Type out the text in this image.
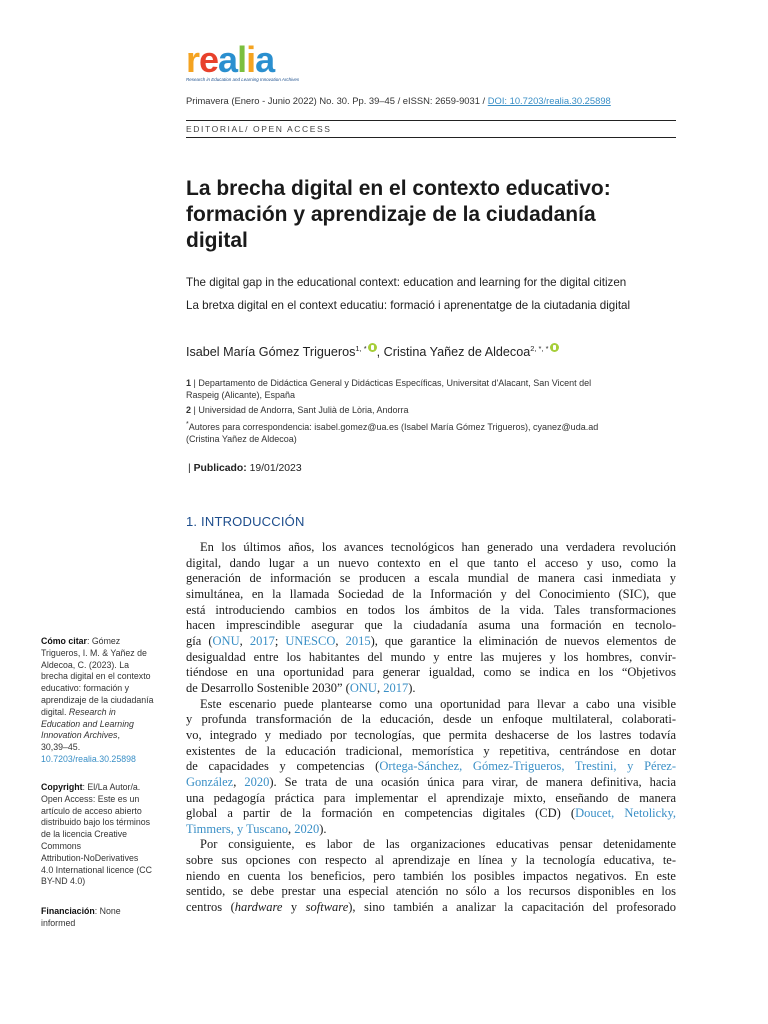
realia
Research in Education and Learning Innovation Archives
Primavera (Enero - Junio 2022) No. 30. Pp. 39–45 / eISSN: 2659-9031 / DOI: 10.7203/realia.30.25898
EDITORIAL/ OPEN ACCESS
La brecha digital en el contexto educativo:
formación y aprendizaje de la ciudadanía
digital
The digital gap in the educational context: education and learning for the digital citizen
La bretxa digital en el context educatiu: formació i aprenentatge de la ciutadania digital
Isabel María Gómez Trigueros$^{1, *}$ , Cristina Yañez de Aldecoa$^{2, *, *}$
1 | Departamento de Didáctica General y Didácticas Específicas, Universitat d'Alacant, San Vicent del
Raspeig (Alicante), España
2 | Universidad de Andorra, Sant Julià de Lòria, Andorra
*Autores para correspondencia: isabel.gomez@ua.es (Isabel María Gómez Trigueros), cyanez@uda.ad
(Cristina Yañez de Aldecoa)
| Publicado: 19/01/2023
1. INTRODUCCIÓN
En los últimos años, los avances tecnológicos han generado una verdadera revolución
digital, dando lugar a un nuevo contexto en el que tanto el acceso y uso, como la
generación de información se producen a escala mundial de manera casi inmediata y
simultánea, en la llamada Sociedad de la Información y del Conocimiento (SIC), que
está introduciendo cambios en todos los ámbitos de la vida. Tales transformaciones
hacen imprescindible asegurar que la ciudadanía asuma una formación en tecnolo-
gía (ONU, 2017; UNESCO, 2015), que garantice la eliminación de nuevos elementos de
desigualdad entre los habitantes del mundo y entre las mujeres y los hombres, convir-
tiéndose en una oportunidad para generar igualdad, como se indica en los “Objetivos
de Desarrollo Sostenible 2030” (ONU, 2017).
Este escenario puede plantearse como una oportunidad para llevar a cabo una visible
y profunda transformación de la educación, desde un enfoque multilateral, colaborati-
vo, integrado y mediado por tecnologías, que permita deshacerse de los lastres todavía
existentes de la educación tradicional, memorística y repetitiva, centrándose en dotar
de capacidades y competencias (Ortega-Sánchez, Gómez-Trigueros, Trestini, y Pérez-
González, 2020). Se trata de una ocasión única para virar, de manera definitiva, hacia
una pedagogía práctica para implementar el aprendizaje mixto, enseñando de manera
global a partir de la formación en competencias digitales (CD) (Doucet, Netolicky,
Timmers, y Tuscano, 2020).
Por consiguiente, es labor de las organizaciones educativas pensar detenidamente
sobre sus opciones con respecto al aprendizaje en línea y la tecnología educativa, te-
niendo en cuenta los beneficios, pero también los posibles impactos negativos. En este
sentido, se debe prestar una especial atención no sólo a los recursos disponibles en los
centros (hardware y software), sino también a analizar la capacitación del profesorado
Cómo citar: Gómez
Trigueros, I. M. & Yañez de
Aldecoa, C. (2023). La
brecha digital en el contexto
educativo: formación y
aprendizaje de la ciudadanía
digital. Research in
Education and Learning
Innovation Archives,
30,39–45.
10.7203/realia.30.25898
Copyright: El/La Autor/a.
Open Access: Este es un
artículo de acceso abierto
distribuido bajo los términos
de la licencia Creative
Commons
Attribution-NoDerivatives
4.0 International licence (CC
BY-ND 4.0)
Financiación: None
informed
